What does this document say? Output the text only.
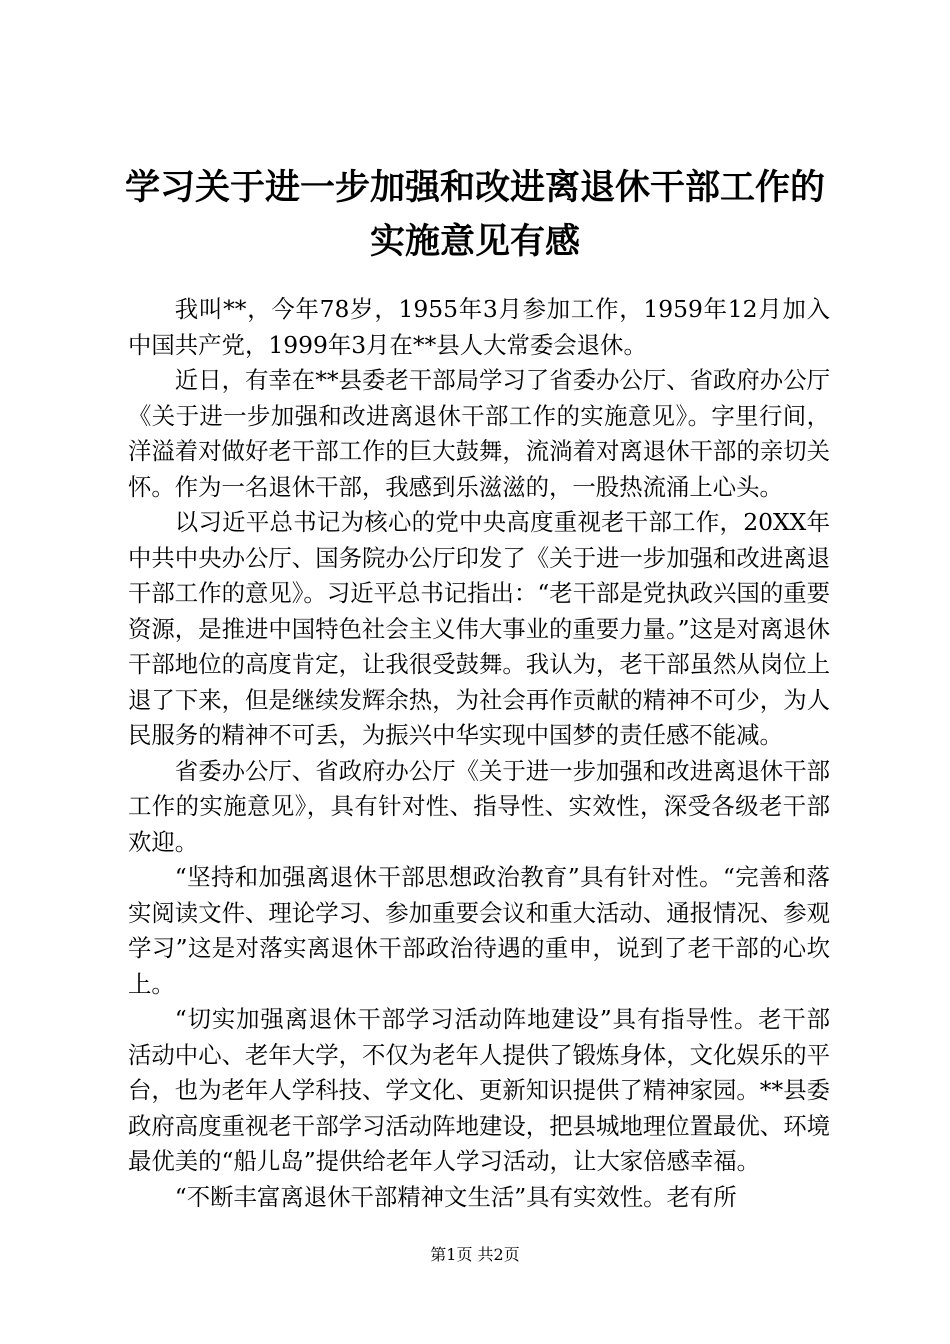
学习关于进一步加强和改进离退休干部工作的
实施意见有感

我叫**，今年78岁，1955年3月参加工作，1959年12月加入中国共产党，1999年3月在**县人大常委会退休。

近日，有幸在**县委老干部局学习了省委办公厅、省政府办公厅《关于进一步加强和改进离退休干部工作的实施意见》。字里行间，洋溢着对做好老干部工作的巨大鼓舞，流淌着对离退休干部的亲切关怀。作为一名退休干部，我感到乐滋滋的，一股热流涌上心头。

以习近平总书记为核心的党中央高度重视老干部工作，20XX年中共中央办公厅、国务院办公厅印发了《关于进一步加强和改进离退干部工作的意见》。习近平总书记指出：“老干部是党执政兴国的重要资源，是推进中国特色社会主义伟大事业的重要力量。”这是对离退休干部地位的高度肯定，让我很受鼓舞。我认为，老干部虽然从岗位上退了下来，但是继续发辉余热，为社会再作贡献的精神不可少，为人民服务的精神不可丢，为振兴中华实现中国梦的责任感不能减。

省委办公厅、省政府办公厅《关于进一步加强和改进离退休干部工作的实施意见》，具有针对性、指导性、实效性，深受各级老干部欢迎。

“坚持和加强离退休干部思想政治教育”具有针对性。“完善和落实阅读文件、理论学习、参加重要会议和重大活动、通报情况、参观学习”这是对落实离退休干部政治待遇的重申，说到了老干部的心坎上。

“切实加强离退休干部学习活动阵地建设”具有指导性。老干部活动中心、老年大学，不仅为老年人提供了锻炼身体，文化娱乐的平台，也为老年人学科技、学文化、更新知识提供了精神家园。**县委政府高度重视老干部学习活动阵地建设，把县城地理位置最优、环境最优美的“船儿岛”提供给老年人学习活动，让大家倍感幸福。

“不断丰富离退休干部精神文生活”具有实效性。老有所

第1页 共2页
